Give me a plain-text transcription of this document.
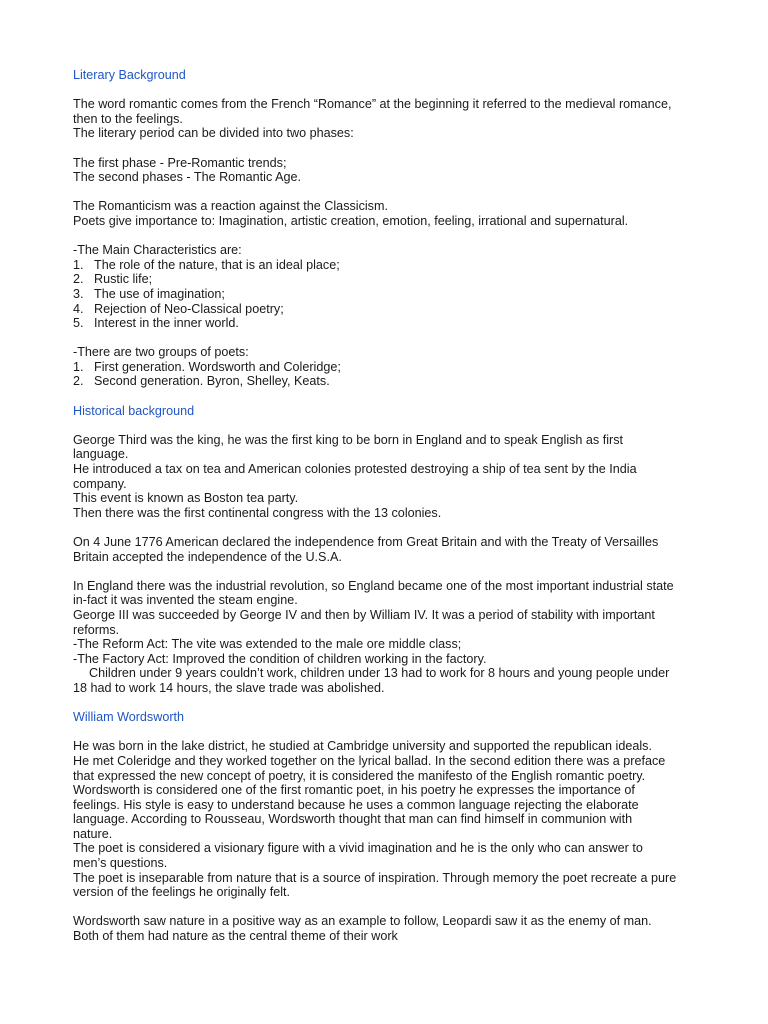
Literary Background
The word romantic comes from the French “Romance” at the beginning it referred to the medieval romance,
then to the feelings.
The literary period can be divided into two phases:
The first phase - Pre-Romantic trends;
The second phases - The Romantic Age.
The Romanticism was a reaction against the Classicism.
Poets give importance to: Imagination, artistic creation, emotion, feeling, irrational and supernatural.
-The Main Characteristics are:
1. The role of the nature, that is an ideal place;
2. Rustic life;
3. The use of imagination;
4. Rejection of Neo-Classical poetry;
5. Interest in the inner world.
-There are two groups of poets:
1. First generation. Wordsworth and Coleridge;
2. Second generation. Byron, Shelley, Keats.
Historical background
George Third was the king, he was the first king to be born in England and to speak English as first
language.
He introduced a tax on tea and American colonies protested destroying a ship of tea sent by the India
company.
This event is known as Boston tea party.
Then there was the first continental congress with the 13 colonies.
On 4 June 1776 American declared the independence from Great Britain and with the Treaty of Versailles
Britain accepted the independence of the U.S.A.
In England there was the industrial revolution, so England became one of the most important industrial state
in-fact it was invented the steam engine.
George III was succeeded by George IV and then by William IV. It was a period of stability with important
reforms.
-The Reform Act: The vite was extended to the male ore middle class;
-The Factory Act: Improved the condition of children working in the factory.
Children under 9 years couldn’t work, children under 13 had to work for 8 hours and young people under
18 had to work 14 hours, the slave trade was abolished.
William Wordsworth
He was born in the lake district, he studied at Cambridge university and supported the republican ideals.
He met Coleridge and they worked together on the lyrical ballad. In the second edition there was a preface
that expressed the new concept of poetry, it is considered the manifesto of the English romantic poetry.
Wordsworth is considered one of the first romantic poet, in his poetry he expresses the importance of
feelings. His style is easy to understand because he uses a common language rejecting the elaborate
language. According to Rousseau, Wordsworth thought that man can find himself in communion with
nature.
The poet is considered a visionary figure with a vivid imagination and he is the only who can answer to
men’s questions.
The poet is inseparable from nature that is a source of inspiration. Through memory the poet recreate a pure
version of the feelings he originally felt.
Wordsworth saw nature in a positive way as an example to follow, Leopardi saw it as the enemy of man.
Both of them had nature as the central theme of their work
